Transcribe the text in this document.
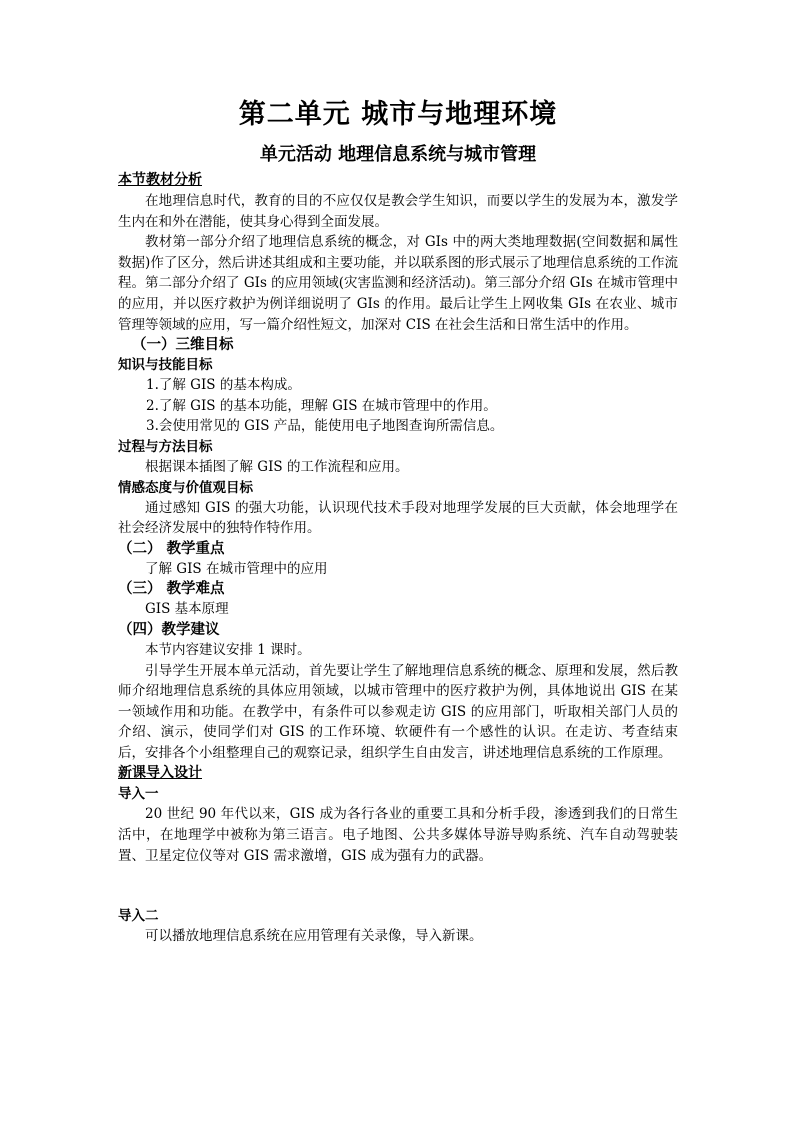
第二单元 城市与地理环境
单元活动 地理信息系统与城市管理
本节教材分析

在地理信息时代，教育的目的不应仅仅是教会学生知识，而要以学生的发展为本，激发学生内在和外在潜能，使其身心得到全面发展。

教材第一部分介绍了地理信息系统的概念，对 GIs 中的两大类地理数据(空间数据和属性数据)作了区分，然后讲述其组成和主要功能，并以联系图的形式展示了地理信息系统的工作流程。第二部分介绍了 GIs 的应用领域(灾害监测和经济活动)。第三部分介绍 GIs 在城市管理中的应用，并以医疗救护为例详细说明了 GIs 的作用。最后让学生上网收集 GIs 在农业、城市管理等领域的应用，写一篇介绍性短文，加深对 CIS 在社会生活和日常生活中的作用。

（一）三维目标
知识与技能目标

1.了解 GIS 的基本构成。

2.了解 GIS 的基本功能，理解 GIS 在城市管理中的作用。

3.会使用常见的 GIS 产品，能使用电子地图查询所需信息。

过程与方法目标

根据课本插图了解 GIS 的工作流程和应用。

情感态度与价值观目标

通过感知 GIS 的强大功能，认识现代技术手段对地理学发展的巨大贡献，体会地理学在社会经济发展中的独特作特作用。

（二） 教学重点

了解 GIS 在城市管理中的应用

（三） 教学难点

GIS 基本原理

（四）教学建议

本节内容建议安排 1 课时。

引导学生开展本单元活动，首先要让学生了解地理信息系统的概念、原理和发展，然后教师介绍地理信息系统的具体应用领域，以城市管理中的医疗救护为例，具体地说出 GIS 在某一领域作用和功能。在教学中，有条件可以参观走访 GIS 的应用部门，听取相关部门人员的介绍、演示，使同学们对 GIS 的工作环境、软硬件有一个感性的认识。在走访、考查结束后，安排各个小组整理自己的观察记录，组织学生自由发言，讲述地理信息系统的工作原理。

新课导入设计
导入一

20 世纪 90 年代以来，GIS 成为各行各业的重要工具和分析手段，渗透到我们的日常生活中，在地理学中被称为第三语言。电子地图、公共多媒体导游导购系统、汽车自动驾驶装置、卫星定位仪等对 GIS 需求激增，GIS 成为强有力的武器。

导入二

可以播放地理信息系统在应用管理有关录像，导入新课。
